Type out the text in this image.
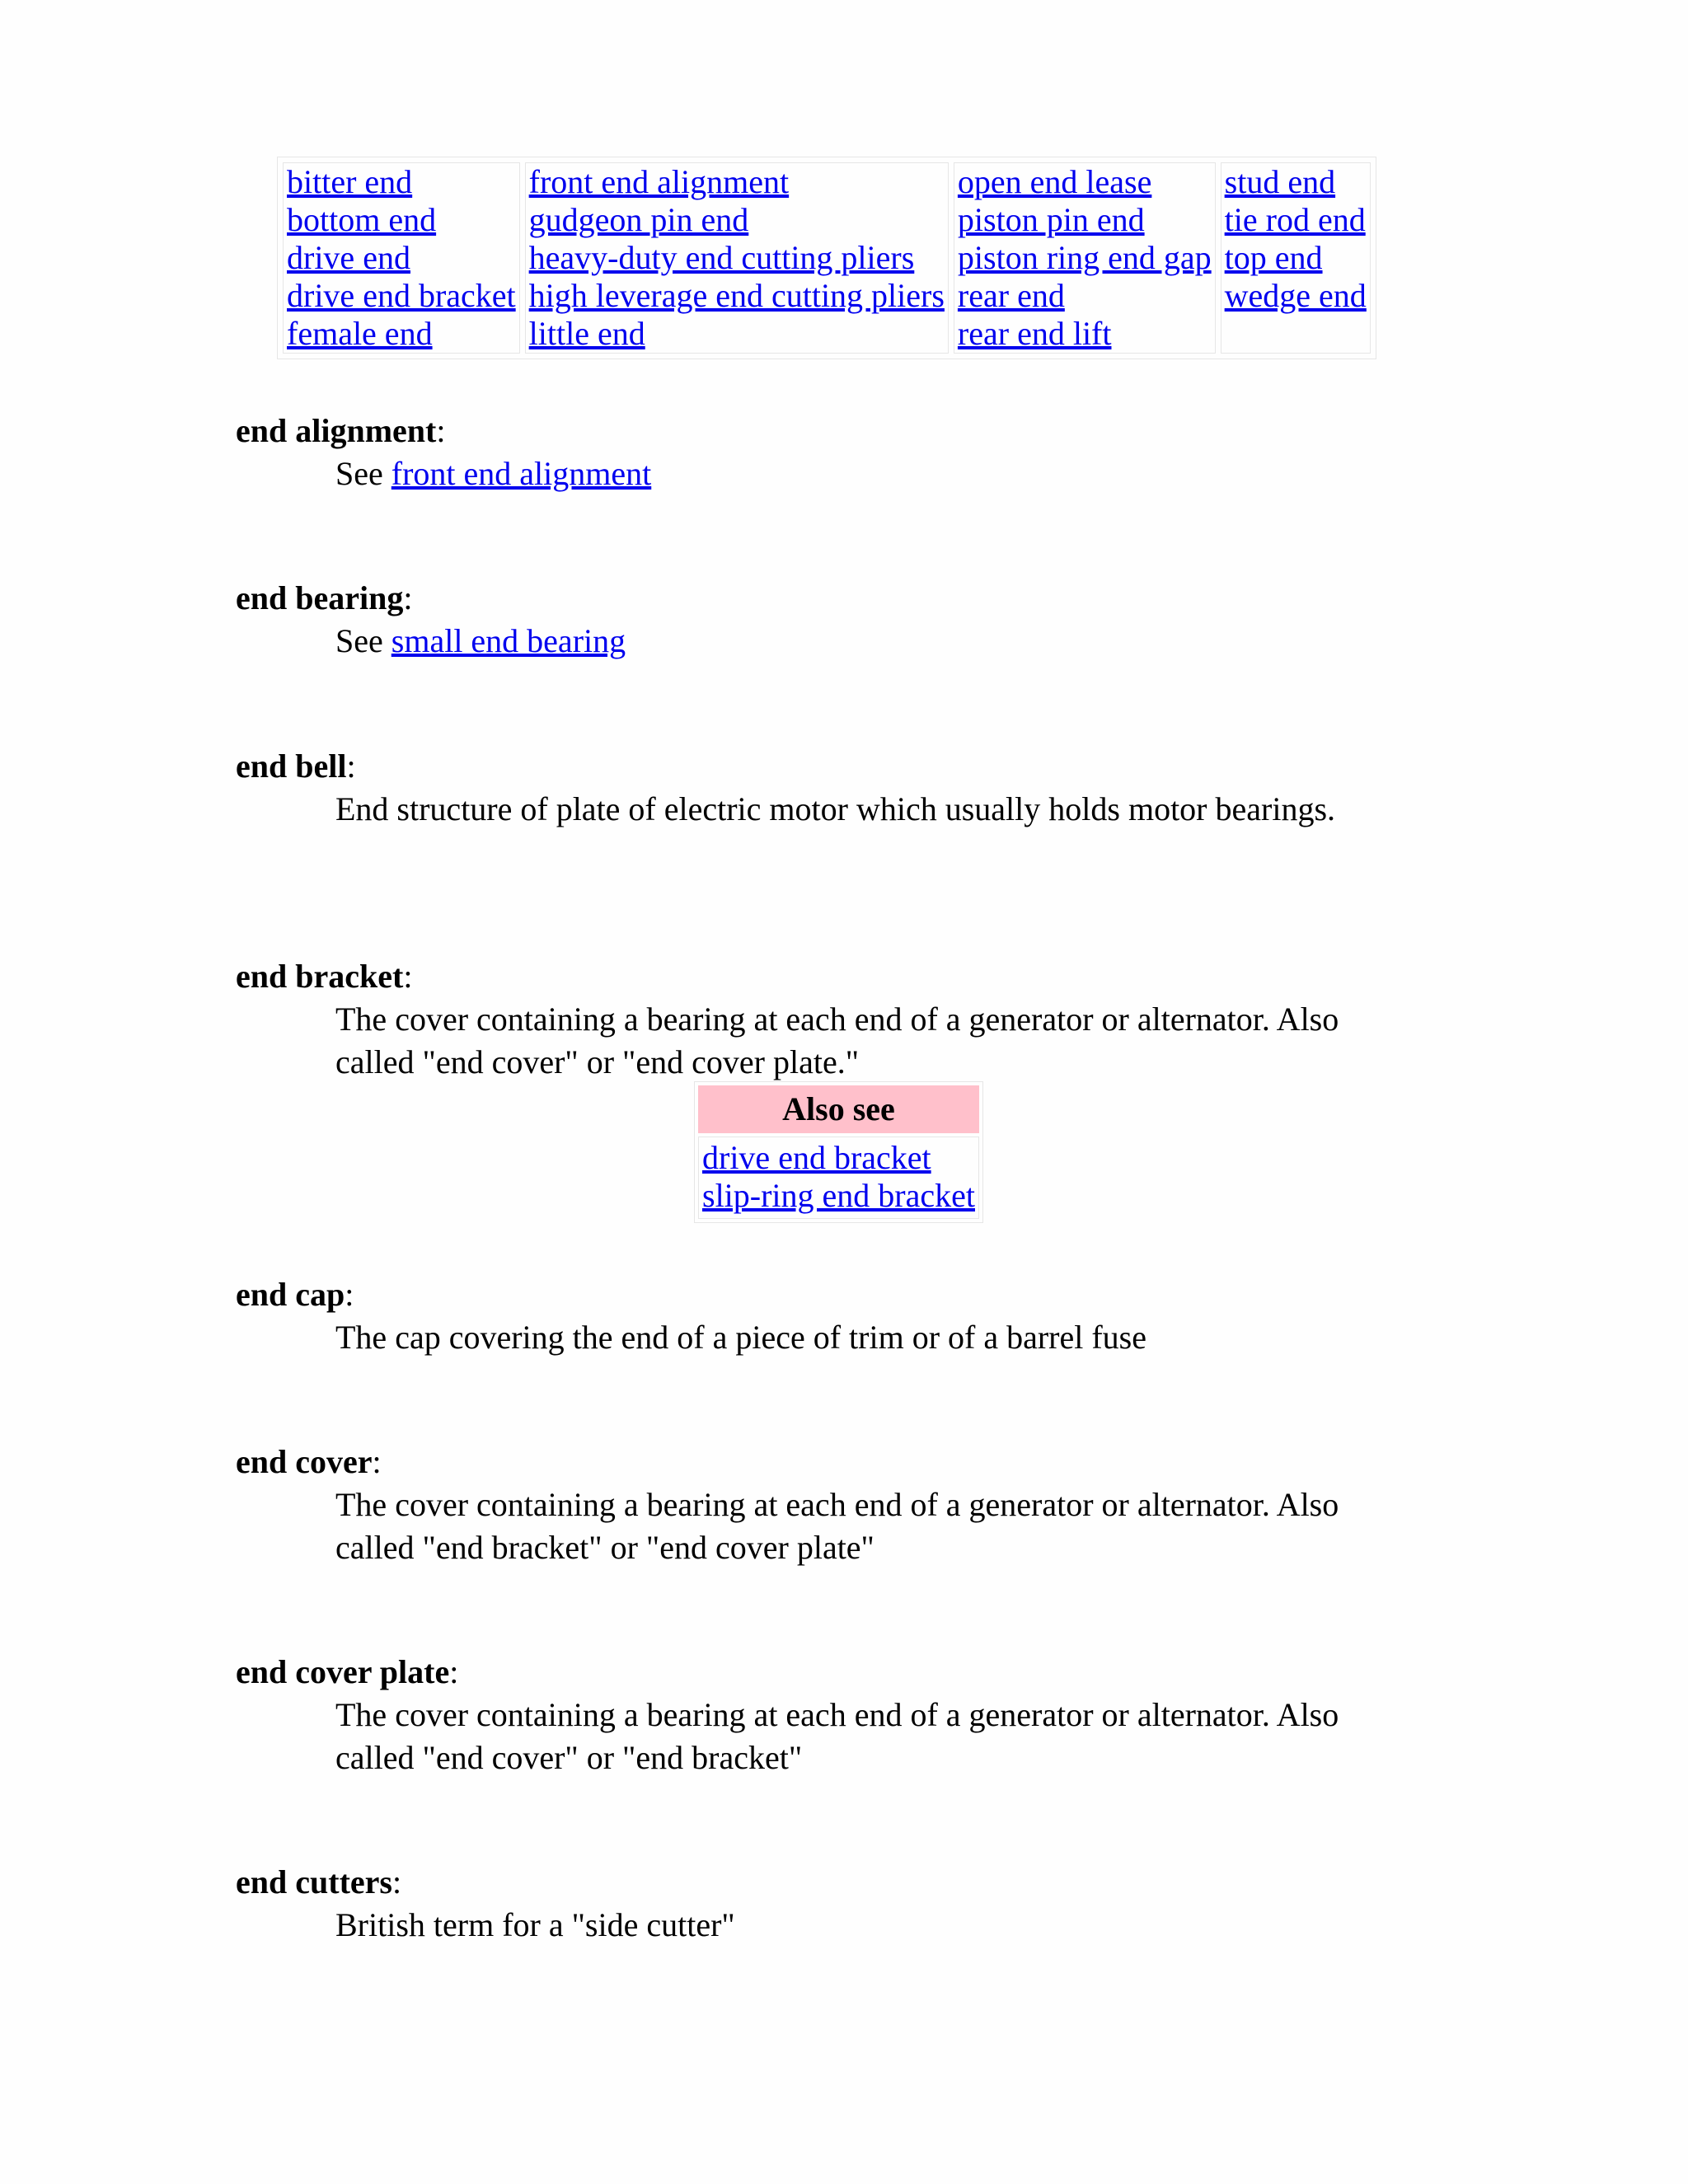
bitter end
bottom end
drive end
drive end bracket
female end

front end alignment
gudgeon pin end
heavy-duty end cutting pliers
high leverage end cutting pliers
little end

open end lease
piston pin end
piston ring end gap
rear end
rear end lift

stud end
tie rod end
top end
wedge end
end alignment:
See front end alignment
end bearing:
See small end bearing
end bell:
End structure of plate of electric motor which usually holds motor bearings.
end bracket:
The cover containing a bearing at each end of a generator or alternator. Also called "end cover" or "end cover plate."
Also see

drive end bracket
slip-ring end bracket
end cap:
The cap covering the end of a piece of trim or of a barrel fuse
end cover:
The cover containing a bearing at each end of a generator or alternator. Also called "end bracket" or "end cover plate"
end cover plate:
The cover containing a bearing at each end of a generator or alternator. Also called "end cover" or "end bracket"
end cutters:
British term for a "side cutter"
